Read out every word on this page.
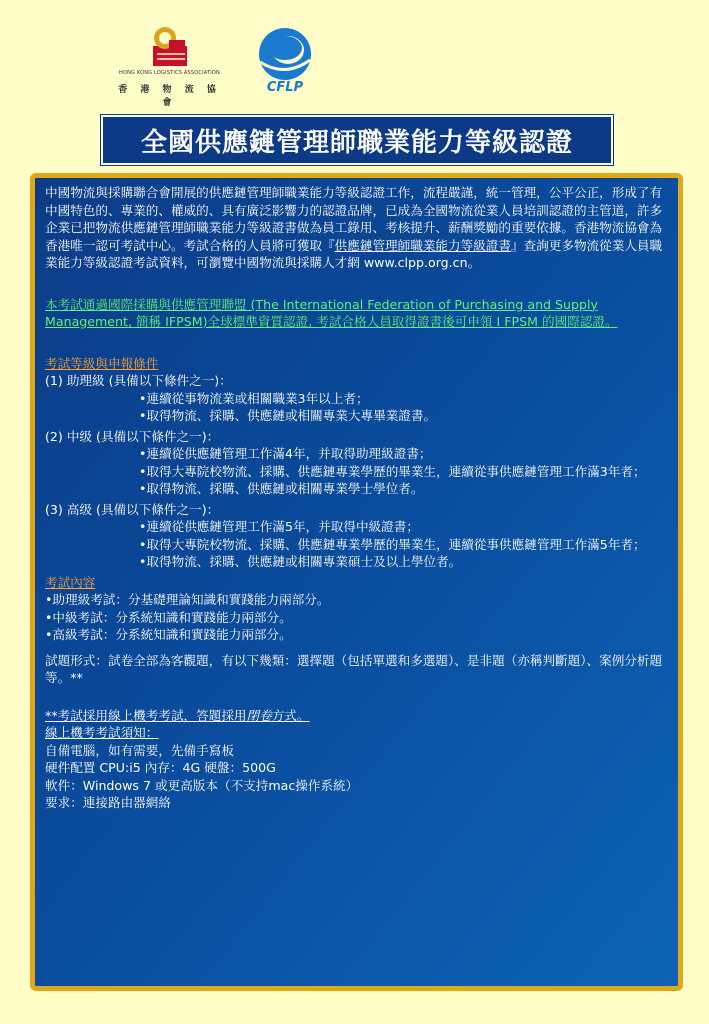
HONG KONG LOGISTICS ASSOCIATION
香 港 物 流 協 會
CFLP
全國供應鏈管理師職業能力等級認證

中國物流與採購聯合會開展的供應鏈管理師職業能力等級認證工作，流程嚴謹，統一管理，公平公正，形成了有中國特色的、專業的、權威的、具有廣泛影響力的認證品牌，已成為全國物流從業人員培訓認證的主管道，許多企業已把物流供應鏈管理師職業能力等級證書做為員工錄用、考核提升、薪酬獎勵的重要依據。香港物流協會為香港唯一認可考試中心。考試合格的人員將可獲取『供應鏈管理師職業能力等級證書』查詢更多物流從業人員職業能力等級認證考試資料，可瀏覽中國物流與採購人才網 www.clpp.org.cn。

本考試通過國際採購與供應管理聯盟 (The International Federation of Purchasing and Supply Management, 簡稱 IFPSM)全球標準資質認證, 考試合格人員取得證書後可申領 I FPSM 的國際認證。

考試等級與申報條件

(1) 助理級 (具備以下條件之一)：

•連續從事物流業或相關職業3年以上者；

•取得物流、採購、供應鏈或相關專業大專畢業證書。

(2) 中级 (具備以下條件之一)：

•連續從供應鏈管理工作滿4年，并取得助理級證書；

•取得大專院校物流、採購、供應鏈專業學歷的畢業生，連續從事供應鏈管理工作滿3年者；

•取得物流、採購、供應鏈或相關專業學士學位者。

(3) 高级 (具備以下條件之一)：

•連續從供應鏈管理工作滿5年，并取得中級證書；

•取得大專院校物流、採購、供應鏈專業學歷的畢業生，連續從事供應鏈管理工作滿5年者；

•取得物流、採購、供應鏈或相關專業碩士及以上學位者。

考試內容

•助理級考試：分基礎理論知識和實踐能力兩部分。

•中級考試：分系統知識和實踐能力兩部分。

•高級考試：分系統知識和實踐能力兩部分。

試題形式：試卷全部為客觀題，有以下幾類：選擇題（包括單選和多選題）、是非題（亦稱判斷題）、案例分析題等。**

**考試採用線上機考考試，答題採用閉卷方式。

線上機考考試須知：

自備電腦，如有需要，先備手寫板

硬件配置 CPU:i5 內存：4G 硬盤：500G

軟件：Windows 7 或更高版本（不支持mac操作系統）

要求：連接路由器網絡
